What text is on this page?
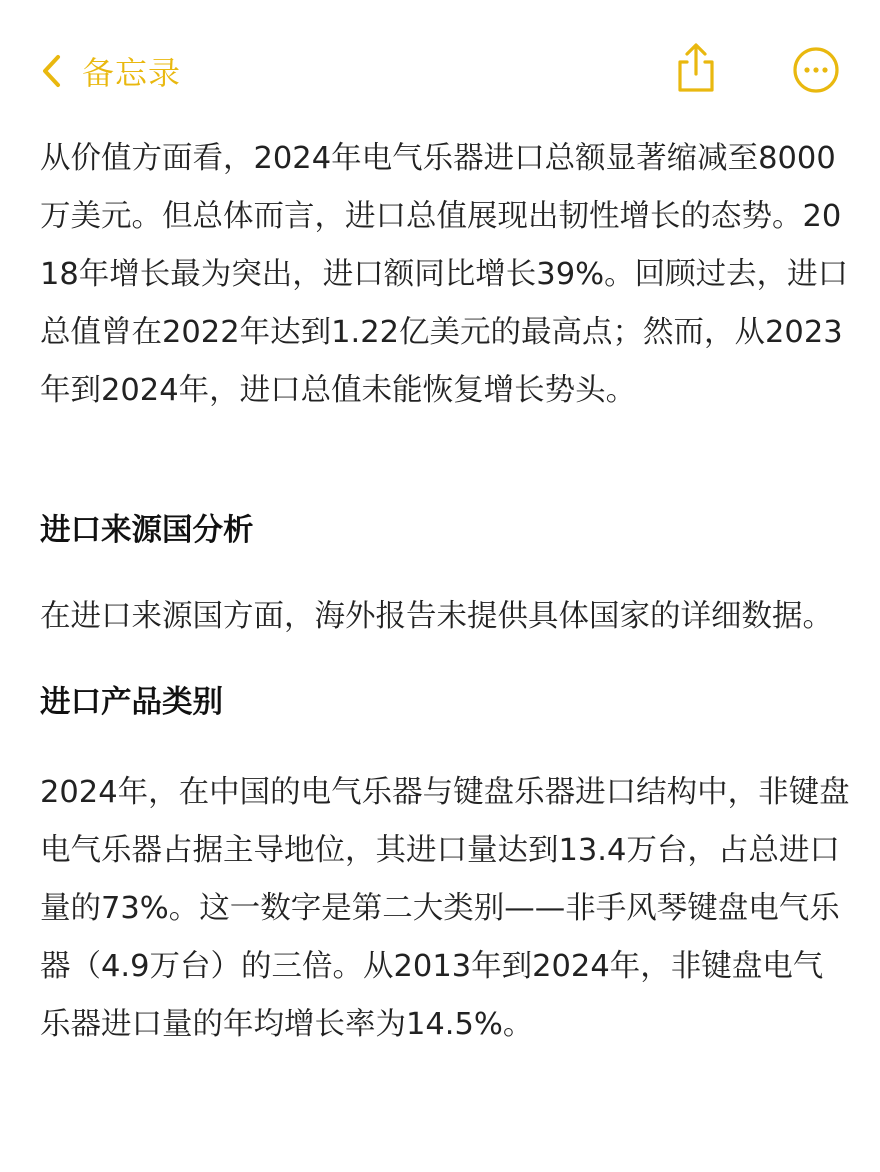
备忘录

从价值方面看，2024年电气乐器进口总额显著缩减至8000万美元。但总体而言，进口总值展现出韧性增长的态势。2018年增长最为突出，进口额同比增长39%。回顾过去，进口总值曾在2022年达到1.22亿美元的最高点；然而，从2023年到2024年，进口总值未能恢复增长势头。

进口来源国分析

在进口来源国方面，海外报告未提供具体国家的详细数据。

进口产品类别

2024年，在中国的电气乐器与键盘乐器进口结构中，非键盘电气乐器占据主导地位，其进口量达到13.4万台，占总进口量的73%。这一数字是第二大类别——非手风琴键盘电气乐器（4.9万台）的三倍。从2013年到2024年，非键盘电气乐器进口量的年均增长率为14.5%。
